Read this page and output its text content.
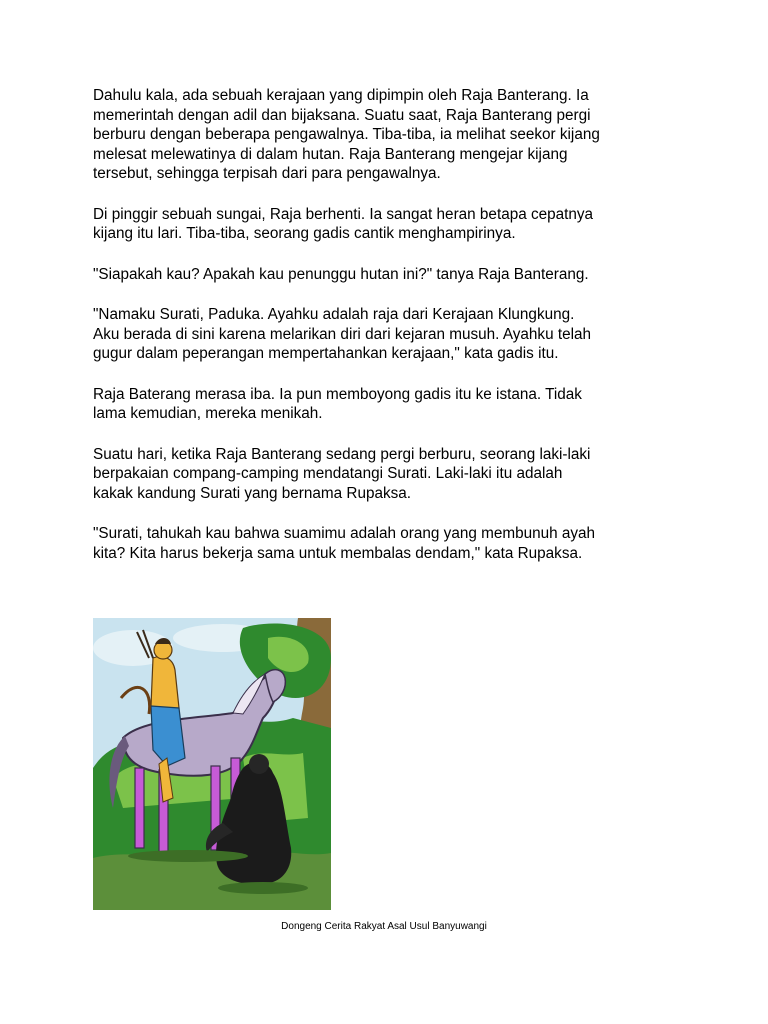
Dahulu kala, ada sebuah kerajaan yang dipimpin oleh Raja Banterang. Ia
memerintah dengan adil dan bijaksana. Suatu saat, Raja Banterang pergi
berburu dengan beberapa pengawalnya. Tiba-tiba, ia melihat seekor kijang
melesat melewatinya di dalam hutan. Raja Banterang mengejar kijang
tersebut, sehingga terpisah dari para pengawalnya.

Di pinggir sebuah sungai, Raja berhenti. Ia sangat heran betapa cepatnya
kijang itu lari. Tiba-tiba, seorang gadis cantik menghampirinya.

"Siapakah kau? Apakah kau penunggu hutan ini?" tanya Raja Banterang.

"Namaku Surati, Paduka. Ayahku adalah raja dari Kerajaan Klungkung.
Aku berada di sini karena melarikan diri dari kejaran musuh. Ayahku telah
gugur dalam peperangan mempertahankan kerajaan," kata gadis itu.

Raja Baterang merasa iba. Ia pun memboyong gadis itu ke istana. Tidak
lama kemudian, mereka menikah.

Suatu hari, ketika Raja Banterang sedang pergi berburu, seorang laki-laki
berpakaian compang-camping mendatangi Surati. Laki-laki itu adalah
kakak kandung Surati yang bernama Rupaksa.

"Surati, tahukah kau bahwa suamimu adalah orang yang membunuh ayah
kita? Kita harus bekerja sama untuk membalas dendam," kata Rupaksa.

Dongeng Cerita Rakyat Asal Usul Banyuwangi
